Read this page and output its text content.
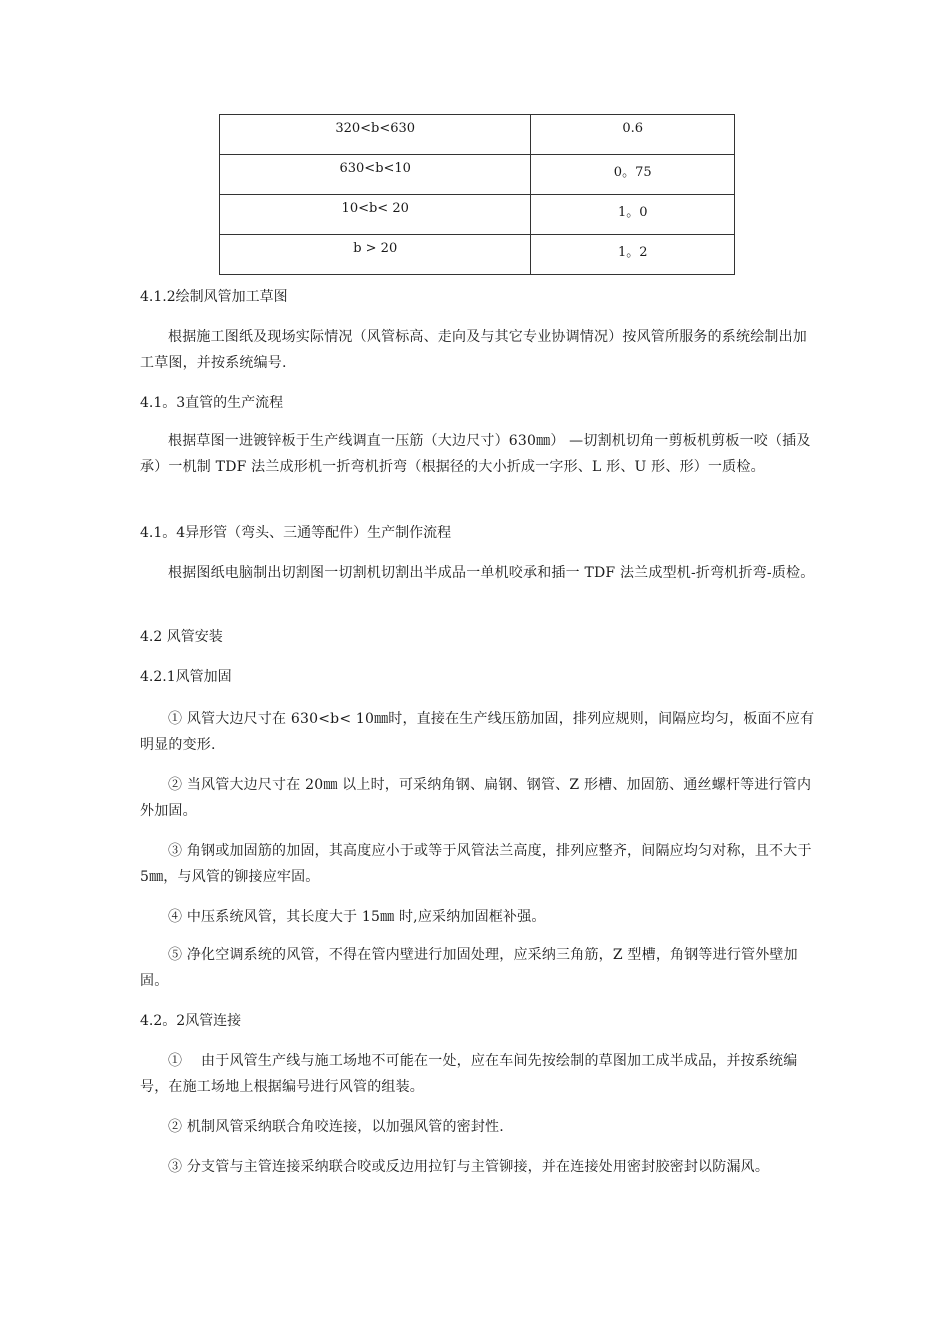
320<b<630	0.6
630<b<10	0。75
10<b< 20	1。0
b > 20	1。2
4.1.2绘制风管加工草图
根据施工图纸及现场实际情况（风管标高、走向及与其它专业协调情况）按风管所服务的系统绘制出加工草图，并按系统编号.
4.1。3直管的生产流程
根据草图一进镀锌板于生产线调直一压筋（大边尺寸）630㎜） —切割机切角一剪板机剪板一咬（插及承）一机制 TDF 法兰成形机一折弯机折弯（根据径的大小折成一字形、L 形、U 形、形）一质检。
4.1。4异形管（弯头、三通等配件）生产制作流程
根据图纸电脑制出切割图一切割机切割出半成品一单机咬承和插一 TDF 法兰成型机-折弯机折弯-质检。
4.2 风管安装
4.2.1风管加固
① 风管大边尺寸在 630<b< 10㎜时，直接在生产线压筋加固，排列应规则，间隔应均匀，板面不应有明显的变形.
② 当风管大边尺寸在 20㎜ 以上时，可采纳角钢、扁钢、钢管、Z 形槽、加固筋、通丝螺杆等进行管内外加固。
③ 角钢或加固筋的加固，其高度应小于或等于风管法兰高度，排列应整齐，间隔应均匀对称，且不大于 5㎜，与风管的铆接应牢固。
④ 中压系统风管，其长度大于 15㎜ 时,应采纳加固框补强。
⑤ 净化空调系统的风管，不得在管内壁进行加固处理，应采纳三角筋，Z 型槽，角钢等进行管外壁加固。
4.2。2风管连接
①　 由于风管生产线与施工场地不可能在一处，应在车间先按绘制的草图加工成半成品，并按系统编号，在施工场地上根据编号进行风管的组装。
② 机制风管采纳联合角咬连接，以加强风管的密封性.
③ 分支管与主管连接采纳联合咬或反边用拉钉与主管铆接，并在连接处用密封胶密封以防漏风。
